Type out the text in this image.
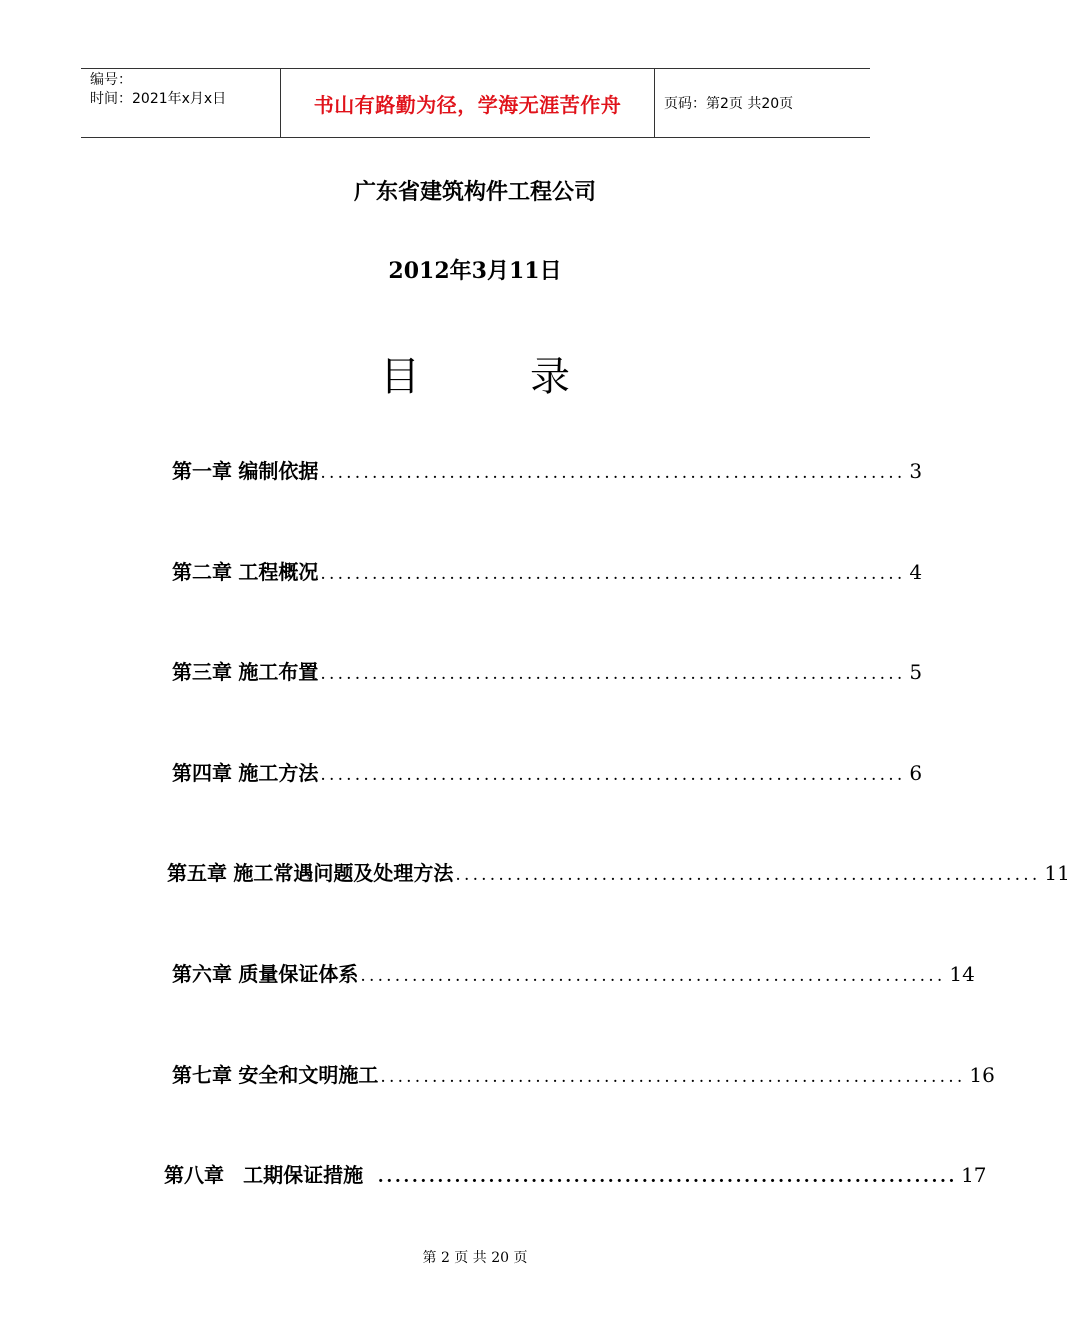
编号：
时间：2021年x月x日	书山有路勤为径，学海无涯苦作舟	页码：第2页 共20页
广东省建筑构件工程公司
2012年3月11日
目录
第一章
编制依据 .................................................................... 3
第二章
工程概况 .................................................................... 4
第三章
施工布置 .................................................................... 5
第四章
施工方法 .................................................................... 6
第五章
施工常遇问题及处理方法 .................................................................... 11
第六章
质量保证体系 .................................................................... 14
第七章
安全和文明施工 .................................................................... 16
第八章
工期保证措施
.................................................................... 17
第 2 页 共 20 页
